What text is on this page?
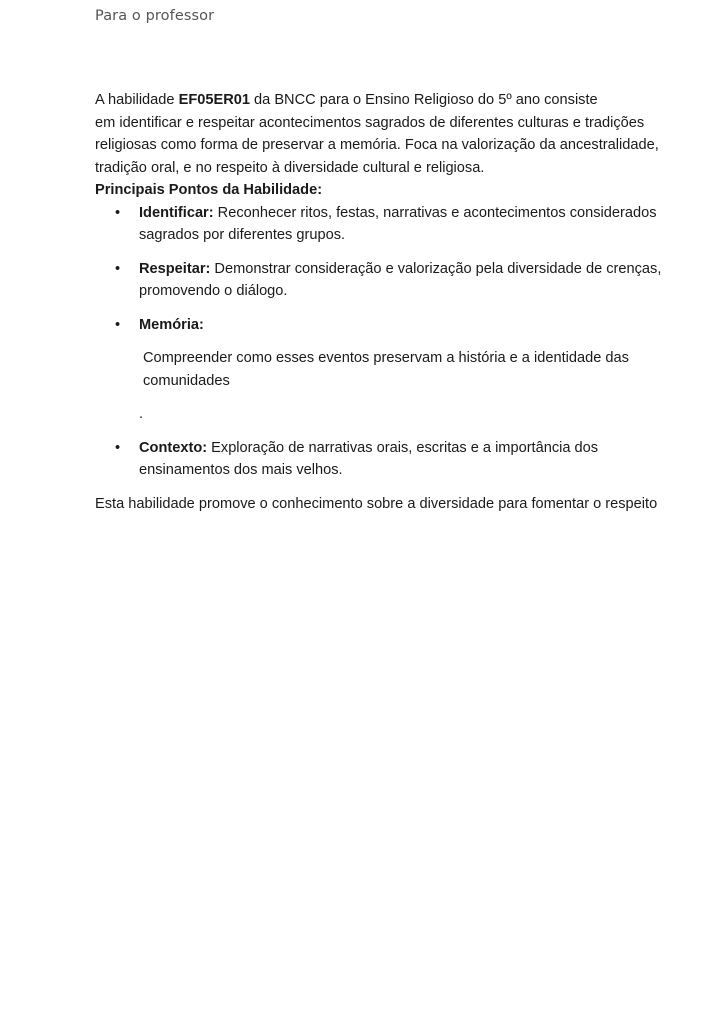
Para o professor

A habilidade EF05ER01 da BNCC para o Ensino Religioso do 5º ano consiste
em identificar e respeitar acontecimentos sagrados de diferentes culturas e tradições
religiosas como forma de preservar a memória. Foca na valorização da ancestralidade,
tradição oral, e no respeito à diversidade cultural e religiosa.

Principais Pontos da Habilidade:

• Identificar: Reconhecer ritos, festas, narrativas e acontecimentos considerados sagrados por diferentes grupos.
• Respeitar: Demonstrar consideração e valorização pela diversidade de crenças, promovendo o diálogo.
• Memória:
Compreender como esses eventos preservam a história e a identidade das comunidades
.
• Contexto: Exploração de narrativas orais, escritas e a importância dos ensinamentos dos mais velhos.

Esta habilidade promove o conhecimento sobre a diversidade para fomentar o respeito
